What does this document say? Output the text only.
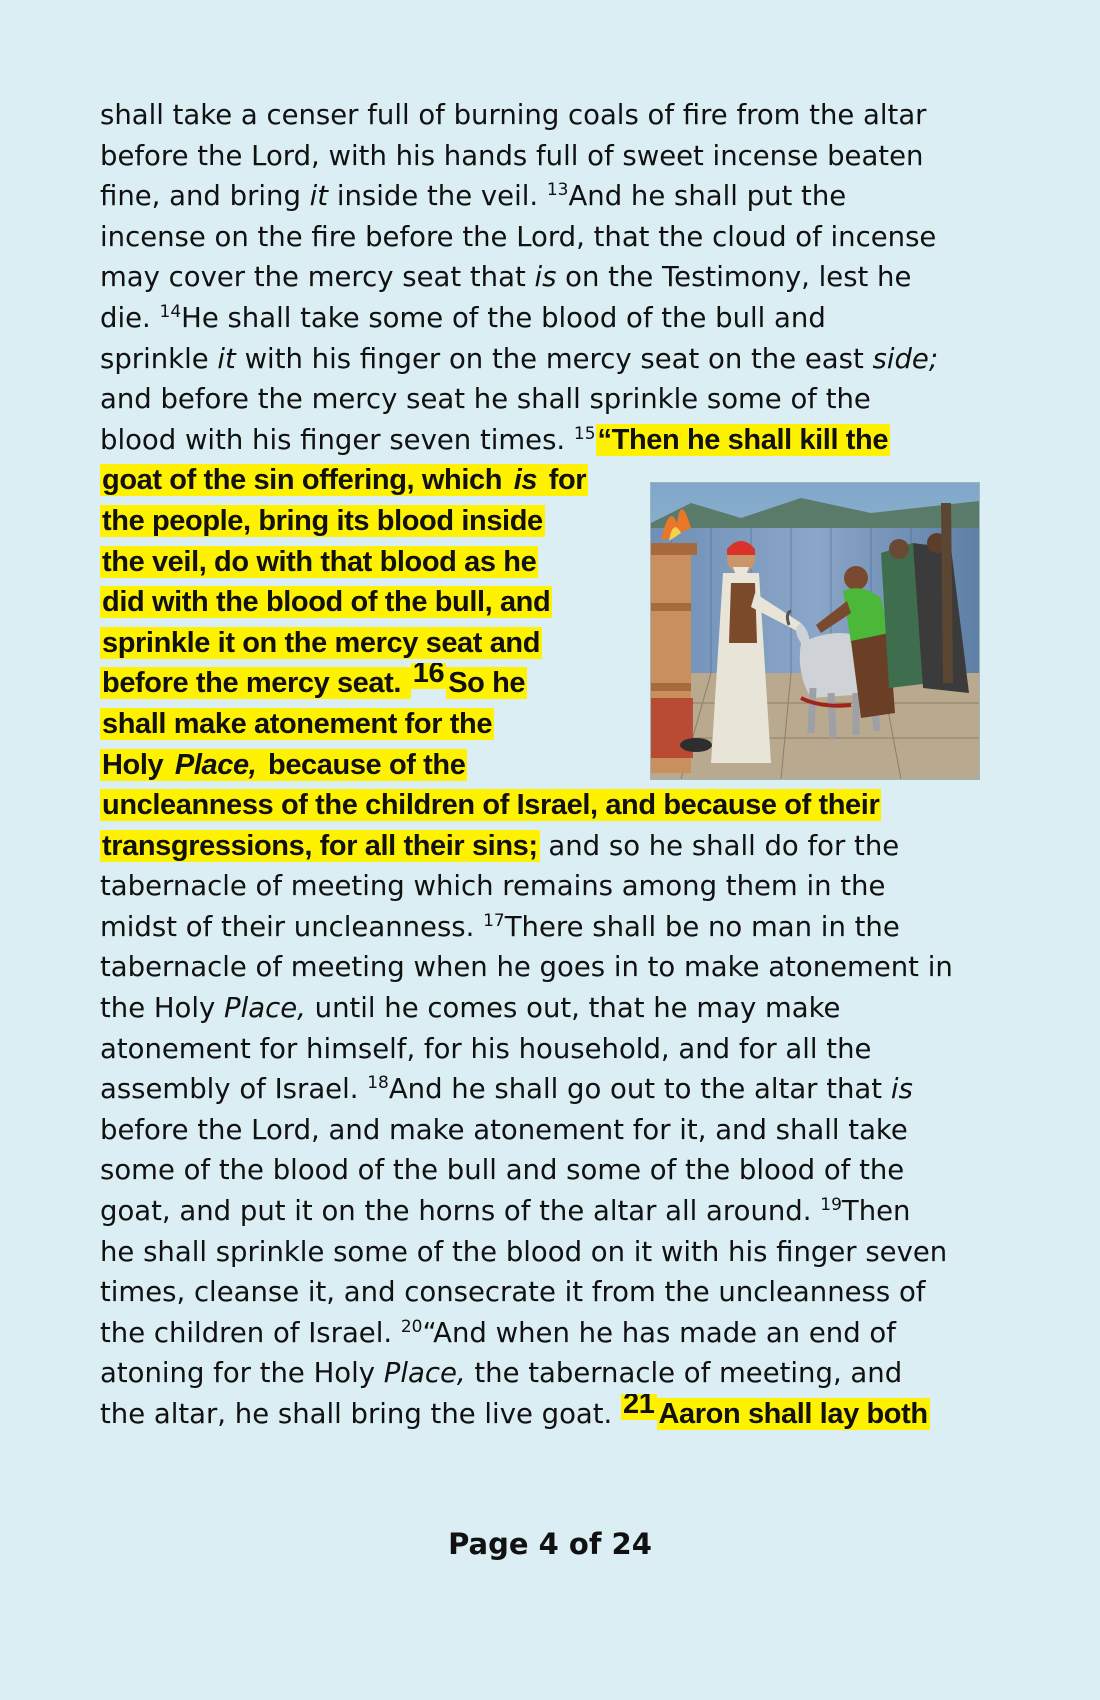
shall take a censer full of burning coals of fire from the altar
before the Lord, with his hands full of sweet incense beaten
fine, and bring it inside the veil. $^{13}$And he shall put the
incense on the fire before the Lord, that the cloud of incense
may cover the mercy seat that is on the Testimony, lest he
die. $^{14}$He shall take some of the blood of the bull and
sprinkle it with his finger on the mercy seat on the east side;
and before the mercy seat he shall sprinkle some of the
blood with his finger seven times. $^{15}$“Then he shall kill the
goat of the sin offering, which is for
the people, bring its blood inside
the veil, do with that blood as he
did with the blood of the bull, and
sprinkle it on the mercy seat and
before the mercy seat. $^{16}$ So he
shall make atonement for the
Holy Place, because of the
uncleanness of the children of Israel, and because of their
transgressions, for all their sins; and so he shall do for the
tabernacle of meeting which remains among them in the
midst of their uncleanness. $^{17}$There shall be no man in the
tabernacle of meeting when he goes in to make atonement in
the Holy Place, until he comes out, that he may make
atonement for himself, for his household, and for all the
assembly of Israel. $^{18}$And he shall go out to the altar that is
before the Lord, and make atonement for it, and shall take
some of the blood of the bull and some of the blood of the
goat, and put it on the horns of the altar all around. $^{19}$Then
he shall sprinkle some of the blood on it with his finger seven
times, cleanse it, and consecrate it from the uncleanness of
the children of Israel. $^{20}$“And when he has made an end of
atoning for the Holy Place, the tabernacle of meeting, and
the altar, he shall bring the live goat. $^{21}$ Aaron shall lay both
Page 4 of 24
